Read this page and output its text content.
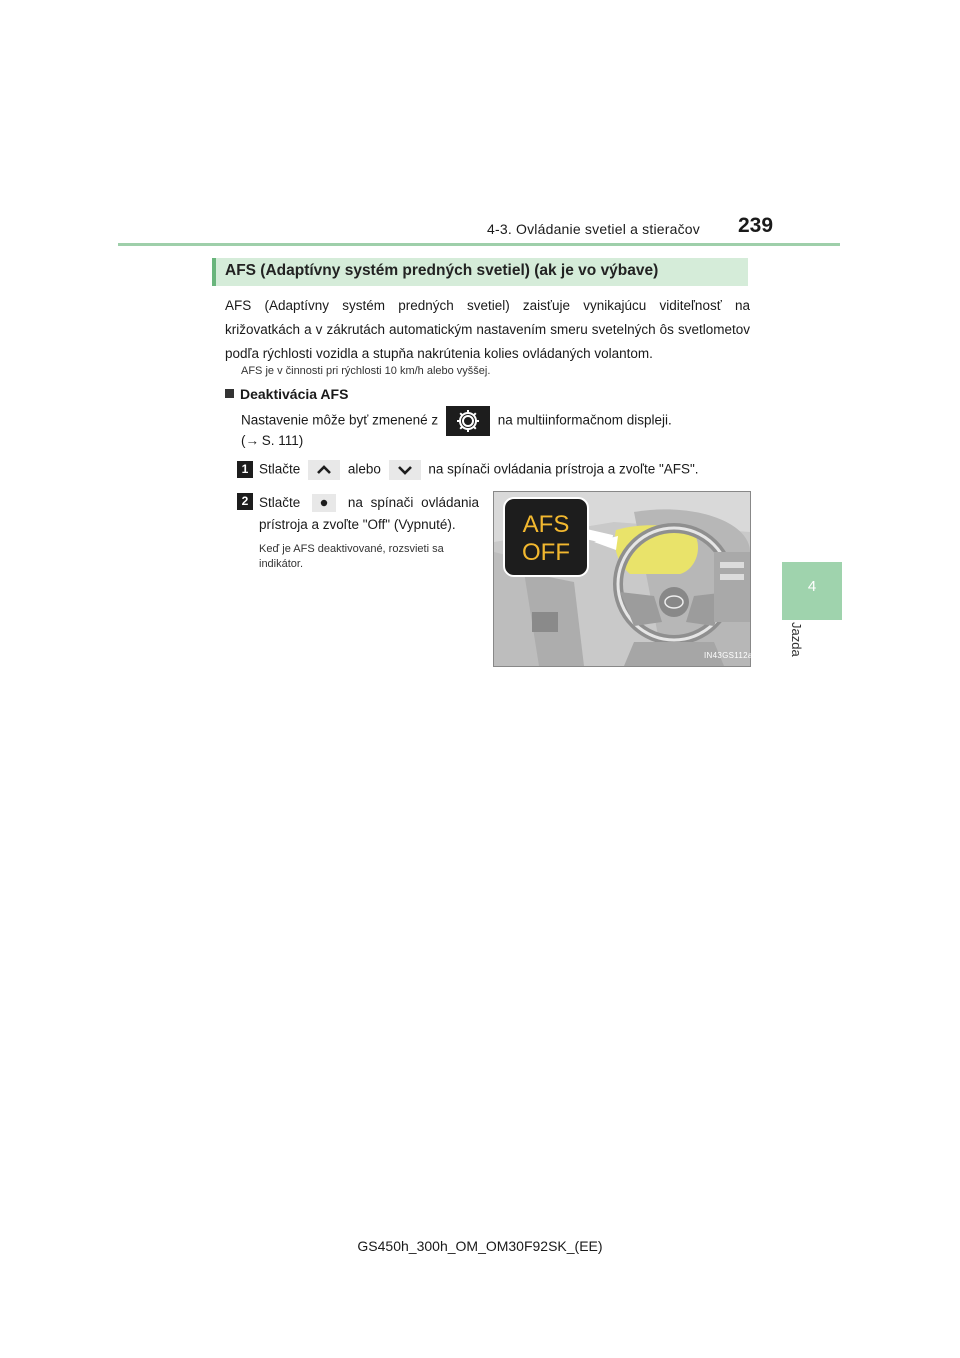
4-3. Ovládanie svetiel a stieračov 239
4
Jazda
AFS (Adaptívny systém predných svetiel) (ak je vo výbave)
AFS (Adaptívny systém predných svetiel) zaisťuje vynikajúcu viditeľnosť na križovatkách a v zákrutách automatickým nastavením smeru svetelných ôs svetlometov podľa rýchlosti vozidla a stupňa nakrútenia kolies ovládaných volantom.
AFS je v činnosti pri rýchlosti 10 km/h alebo vyššej.
Deaktivácia AFS
Nastavenie môže byť zmenené z	na multiinformačnom displeji.
(→  S. 111)
1 Stlačte	alebo	na spínači ovládania prístroja a zvoľte "AFS".
2 Stlačte	na spínači ovládania prístroja a zvoľte "Off" (Vypnuté).
Keď je AFS deaktivované, rozsvieti sa indikátor.
AFS
OFF
IN43GS112a
GS450h_300h_OM_OM30F92SK_(EE)
